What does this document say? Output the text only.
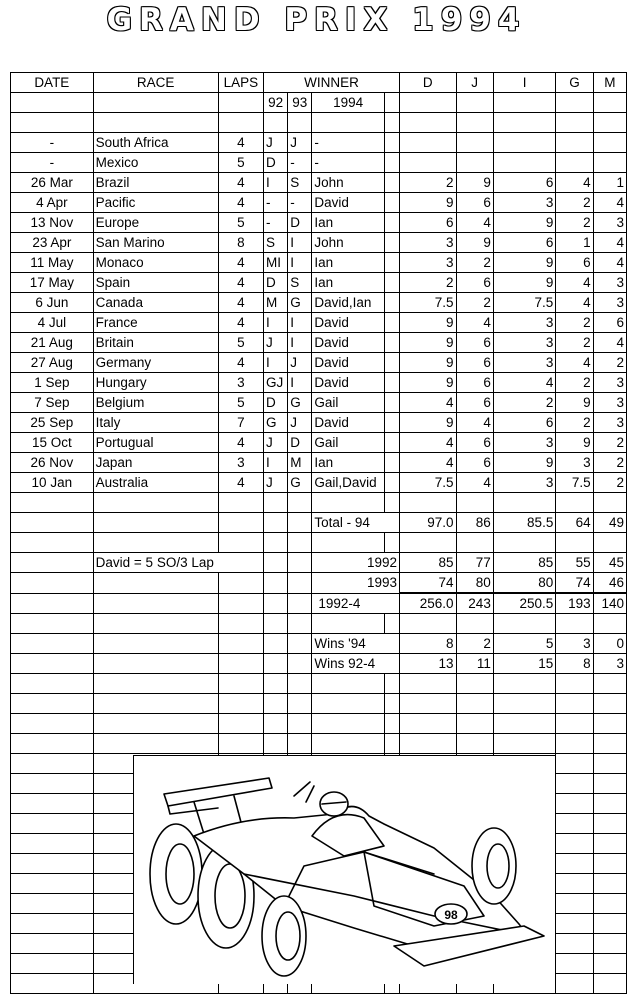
GRAND PRIX 1994
DATE	RACE	LAPS	WINNER				D	J	I	G	M
			92	93	1994						

-	South Africa	4	J	J	-						
-	Mexico	5	D	-	-						
26 Mar	Brazil	4	I	S	John		2	9	6	4	1
4 Apr	Pacific	4	-	-	David		9	6	3	2	4
13 Nov	Europe	5	-	D	Ian		6	4	9	2	3
23 Apr	San Marino	8	S	I	John		3	9	6	1	4
11 May	Monaco	4	MI	I	Ian		3	2	9	6	4
17 May	Spain	4	D	S	Ian		2	6	9	4	3
6 Jun	Canada	4	M	G	David,Ian		7.5	2	7.5	4	3
4 Jul	France	4	I	I	David		9	4	3	2	6
21 Aug	Britain	5	J	I	David		9	6	3	2	4
27 Aug	Germany	4	I	J	David		9	6	3	4	2
1 Sep	Hungary	3	GJ	I	David		9	6	4	2	3
7 Sep	Belgium	5	D	G	Gail		4	6	2	9	3
25 Sep	Italy	7	G	J	David		9	4	6	2	3
15 Oct	Portugual	4	J	D	Gail		4	6	3	9	2
26 Nov	Japan	3	I	M	Ian		4	6	9	3	2
10 Jan	Australia	4	J	G	Gail,David		7.5	4	3	7.5	2

					Total - 94		97.0	86	85.5	64	49

	David = 5 SO/3 Lap				1992		85	77	85	55	45
					1993		74	80	80	74	46
					1992-4		256.0	243	250.5	193	140

					Wins '94		8	2	5	3	0
					Wins 92-4		13	11	15	8	3

98
